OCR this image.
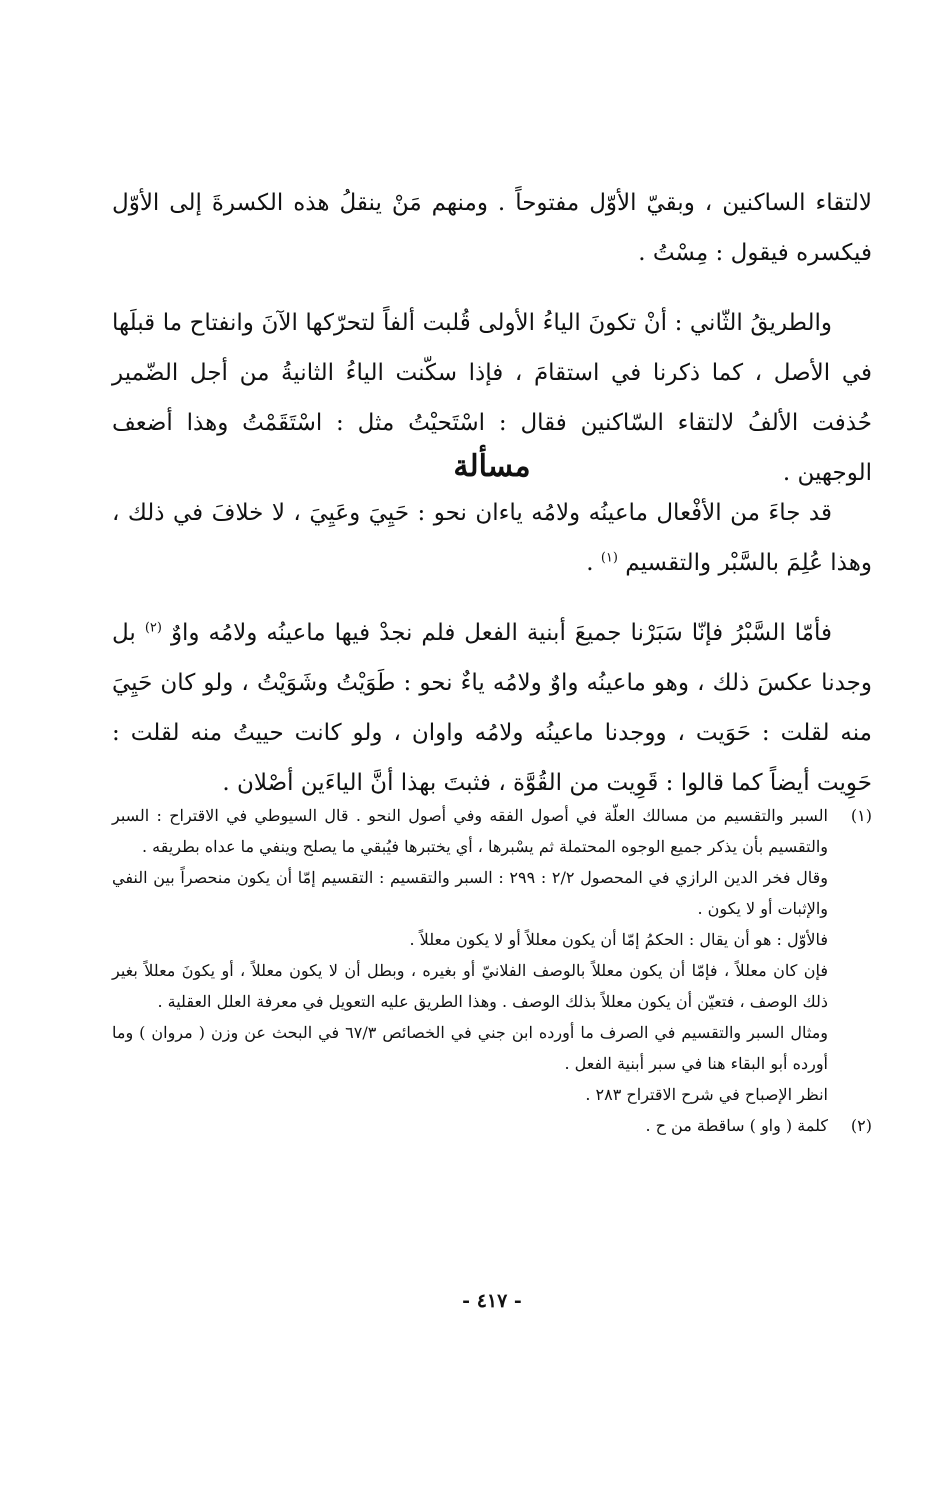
لالتقاء الساكنين ، وبقيّ الأوّل مفتوحاً . ومنهم مَنْ ينقلُ هذه الكسرةَ إلى الأوّل فيكسره فيقول : مِسْتُ .

والطريقُ الثّاني : أنْ تكونَ الياءُ الأولى قُلبت ألفاً لتحرّكها الآنَ وانفتاح ما قبلَها في الأصل ، كما ذكرنا في استقامَ ، فإذا سكّنت الياءُ الثانيةُ من أجل الضّمير حُذفت الألفُ لالتقاء السّاكنين فقال : اسْتَحيْتُ مثل : اسْتَقَمْتُ وهذا أضعف الوجهين .

مسألة

قد جاءَ من الأفْعال ماعينُه ولامُه ياءان نحو : حَيِيَ وعَيِيَ ، لا خلافَ في ذلك ، وهذا عُلِمَ بالسَّبْر والتقسيم $^{(١)}$ .

فأمّا السَّبْرُ فإنّا سَبَرْنا جميعَ أبنية الفعل فلم نجدْ فيها ماعينُه ولامُه واوٌ $^{(٢)}$ بل وجدنا عكسَ ذلك ، وهو ماعينُه واوٌ ولامُه ياءٌ نحو : طَوَيْتُ وشَوَيْتُ ، ولو كان حَيِيَ منه لقلت : حَوَيت ، ووجدنا ماعينُه ولامُه واوان ، ولو كانت حييتُ منه لقلت : حَوِيت أيضاً كما قالوا : قَوِيت من القُوَّة ، فثبتَ بهذا أنَّ الياءَين أصْلان .

(١)

السبر والتقسيم من مسالك العلّة في أصول الفقه وفي أصول النحو . قال السيوطي في الاقتراح : السبر والتقسيم بأن يذكر جميع الوجوه المحتملة ثم يسْبرها ، أي يختبرها فيُبقي ما يصلح وينفي ما عداه بطريقه .

وقال فخر الدين الرازي في المحصول ٢/٢ : ٢٩٩ : السبر والتقسيم : التقسيم إمّا أن يكون منحصراً بين النفي والإثبات أو لا يكون .

فالأوّل : هو أن يقال : الحكمُ إمّا أن يكون معللاً أو لا يكون معللاً .

فإن كان معللاً ، فإمّا أن يكون معللاً بالوصف الفلانيّ أو بغيره ، وبطل أن لا يكون معللاً ، أو يكونَ معللاً بغير ذلك الوصف ، فتعيّن أن يكون معللاً بذلك الوصف . وهذا الطريق عليه التعويل في معرفة العلل العقلية .

ومثال السبر والتقسيم في الصرف ما أورده ابن جني في الخصائص ٦٧/٣ في البحث عن وزن ( مروان ) وما أورده أبو البقاء هنا في سبر أبنية الفعل .

انظر الإصباح في شرح الاقتراح ٢٨٣ .

(٢)

كلمة ( واو ) ساقطة من ح .

- ٤١٧ -
